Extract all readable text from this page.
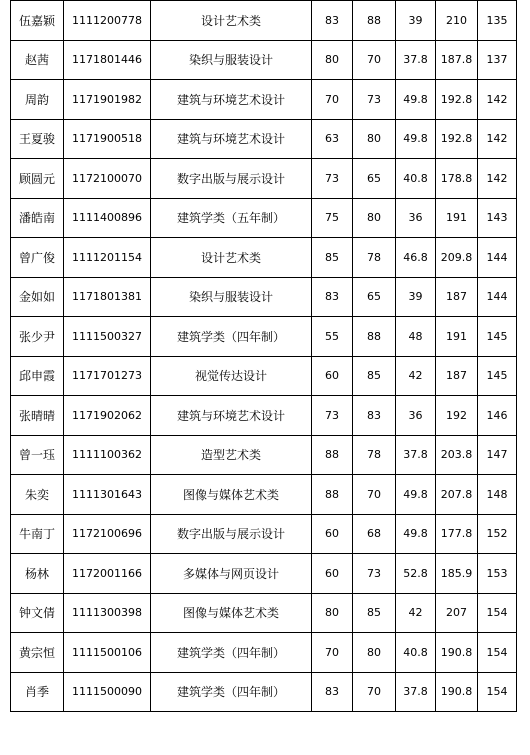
伍嘉颖	1111200778	设计艺术类	83	88	39	210	135
赵茜	1171801446	染织与服装设计	80	70	37.8	187.8	137
周韵	1171901982	建筑与环境艺术设计	70	73	49.8	192.8	142
王夏骏	1171900518	建筑与环境艺术设计	63	80	49.8	192.8	142
顾圆元	1172100070	数字出版与展示设计	73	65	40.8	178.8	142
潘皓南	1111400896	建筑学类（五年制）	75	80	36	191	143
曾广俊	1111201154	设计艺术类	85	78	46.8	209.8	144
金如如	1171801381	染织与服装设计	83	65	39	187	144
张少尹	1111500327	建筑学类（四年制）	55	88	48	191	145
邱申霞	1171701273	视觉传达设计	60	85	42	187	145
张晴晴	1171902062	建筑与环境艺术设计	73	83	36	192	146
曾一珏	1111100362	造型艺术类	88	78	37.8	203.8	147
朱奕	1111301643	图像与媒体艺术类	88	70	49.8	207.8	148
牛南丁	1172100696	数字出版与展示设计	60	68	49.8	177.8	152
杨林	1172001166	多媒体与网页设计	60	73	52.8	185.9	153
钟文倩	1111300398	图像与媒体艺术类	80	85	42	207	154
黄宗恒	1111500106	建筑学类（四年制）	70	80	40.8	190.8	154
肖季	1111500090	建筑学类（四年制）	83	70	37.8	190.8	154
